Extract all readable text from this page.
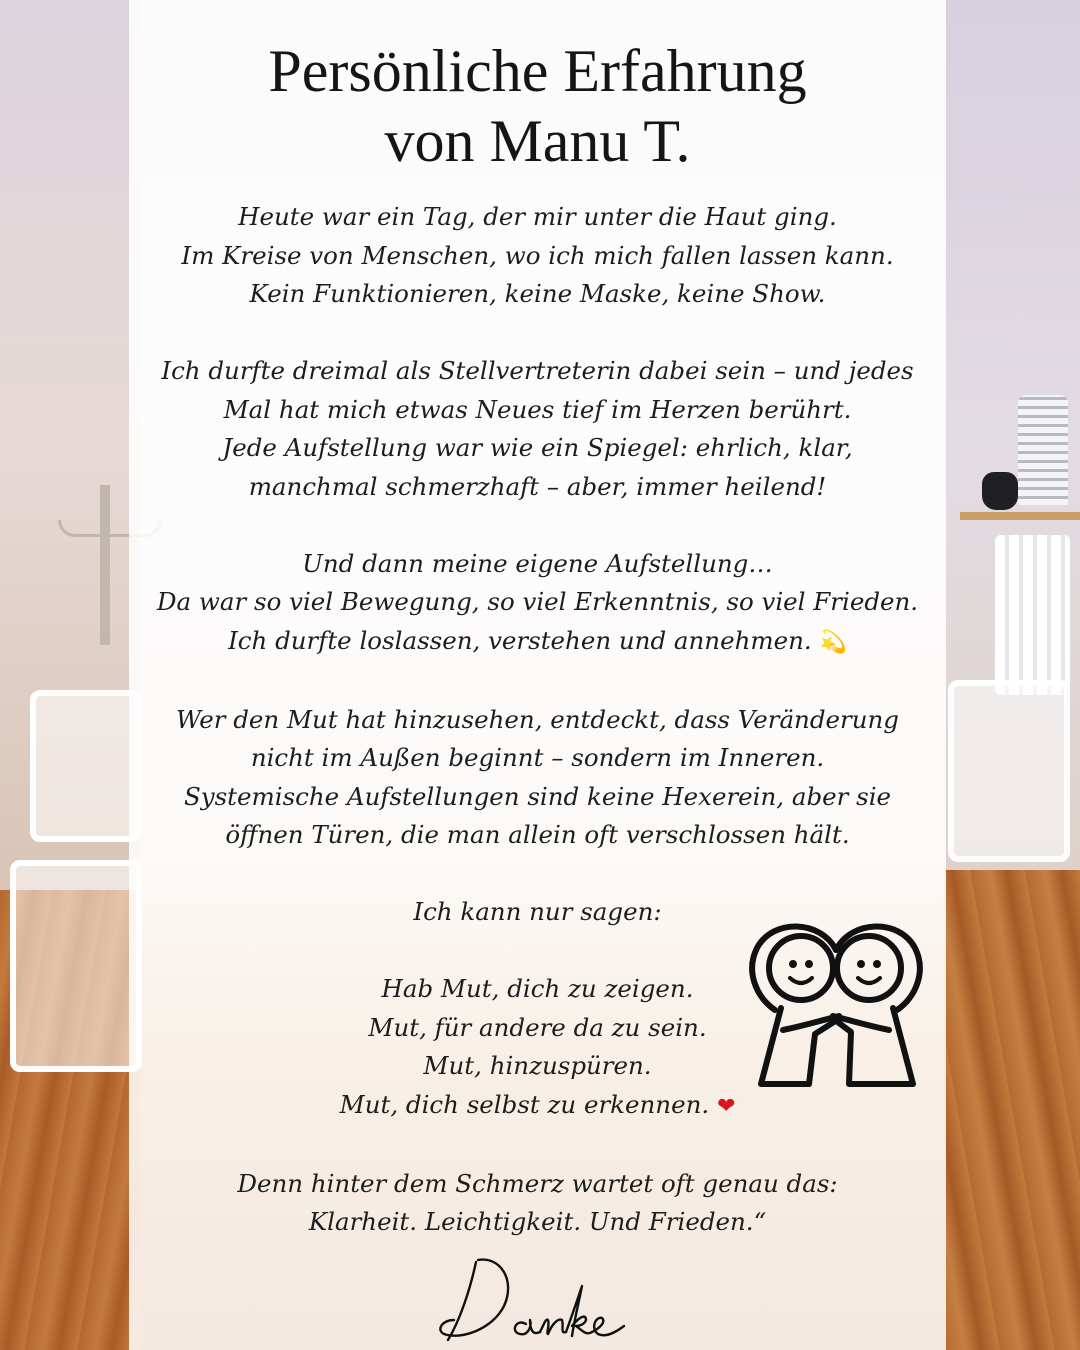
Persönliche Erfahrung
von Manu T.
Heute war ein Tag, der mir unter die Haut ging.
Im Kreise von Menschen, wo ich mich fallen lassen kann.
Kein Funktionieren, keine Maske, keine Show.
Ich durfte dreimal als Stellvertreterin dabei sein – und jedes
Mal hat mich etwas Neues tief im Herzen berührt.
Jede Aufstellung war wie ein Spiegel: ehrlich, klar,
manchmal schmerzhaft – aber, immer heilend!
Und dann meine eigene Aufstellung…
Da war so viel Bewegung, so viel Erkenntnis, so viel Frieden.
Ich durfte loslassen, verstehen und annehmen. 💫
Wer den Mut hat hinzusehen, entdeckt, dass Veränderung
nicht im Außen beginnt – sondern im Inneren.
Systemische Aufstellungen sind keine Hexerein, aber sie
öffnen Türen, die man allein oft verschlossen hält.
Ich kann nur sagen:
Hab Mut, dich zu zeigen.
Mut, für andere da zu sein.
Mut, hinzuspüren.
Mut, dich selbst zu erkennen. ❤
Denn hinter dem Schmerz wartet oft genau das:
Klarheit. Leichtigkeit. Und Frieden.“
